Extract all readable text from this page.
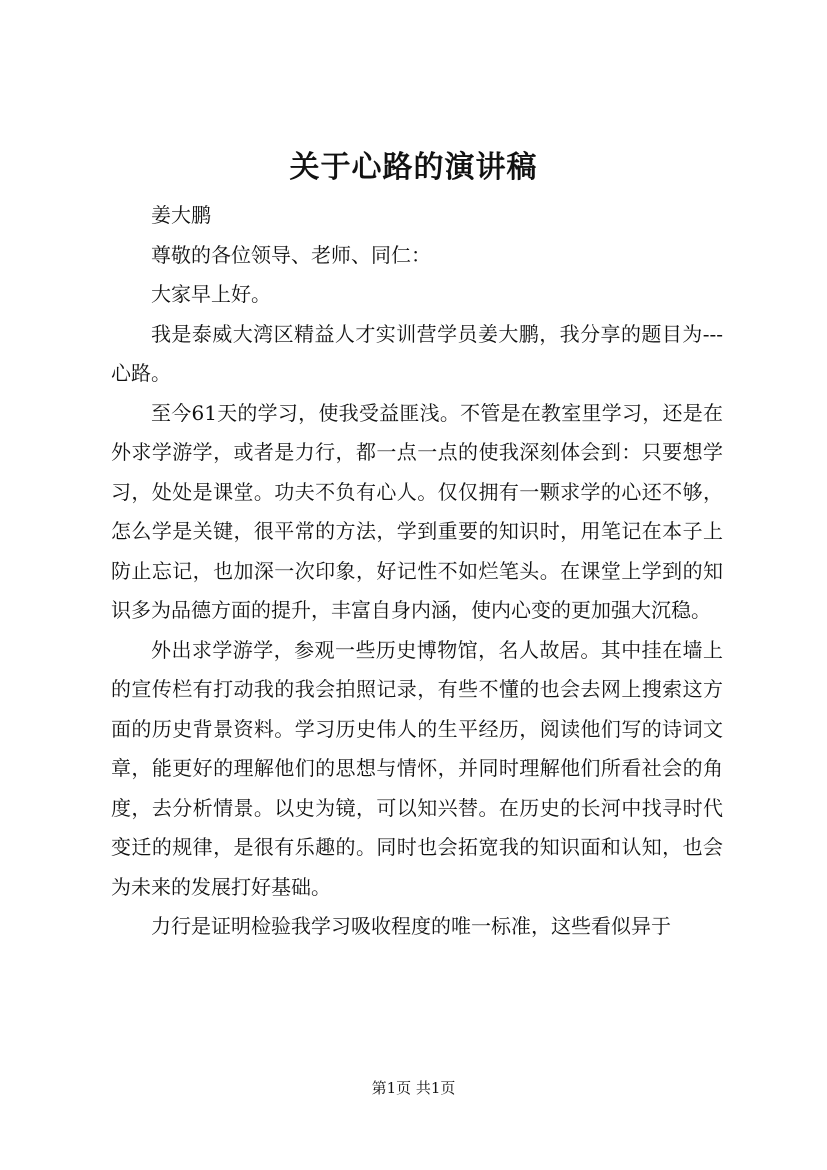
关于心路的演讲稿

姜大鹏

尊敬的各位领导、老师、同仁：

大家早上好。

我是泰威大湾区精益人才实训营学员姜大鹏，我分享的题目为---心路。

至今61天的学习，使我受益匪浅。不管是在教室里学习，还是在外求学游学，或者是力行，都一点一点的使我深刻体会到：只要想学习，处处是课堂。功夫不负有心人。仅仅拥有一颗求学的心还不够，怎么学是关键，很平常的方法，学到重要的知识时，用笔记在本子上防止忘记，也加深一次印象，好记性不如烂笔头。在课堂上学到的知识多为品德方面的提升，丰富自身内涵，使内心变的更加强大沉稳。

外出求学游学，参观一些历史博物馆，名人故居。其中挂在墙上的宣传栏有打动我的我会拍照记录，有些不懂的也会去网上搜索这方面的历史背景资料。学习历史伟人的生平经历，阅读他们写的诗词文章，能更好的理解他们的思想与情怀，并同时理解他们所看社会的角度，去分析情景。以史为镜，可以知兴替。在历史的长河中找寻时代变迁的规律，是很有乐趣的。同时也会拓宽我的知识面和认知，也会为未来的发展打好基础。

力行是证明检验我学习吸收程度的唯一标准，这些看似异于

第1页 共1页
